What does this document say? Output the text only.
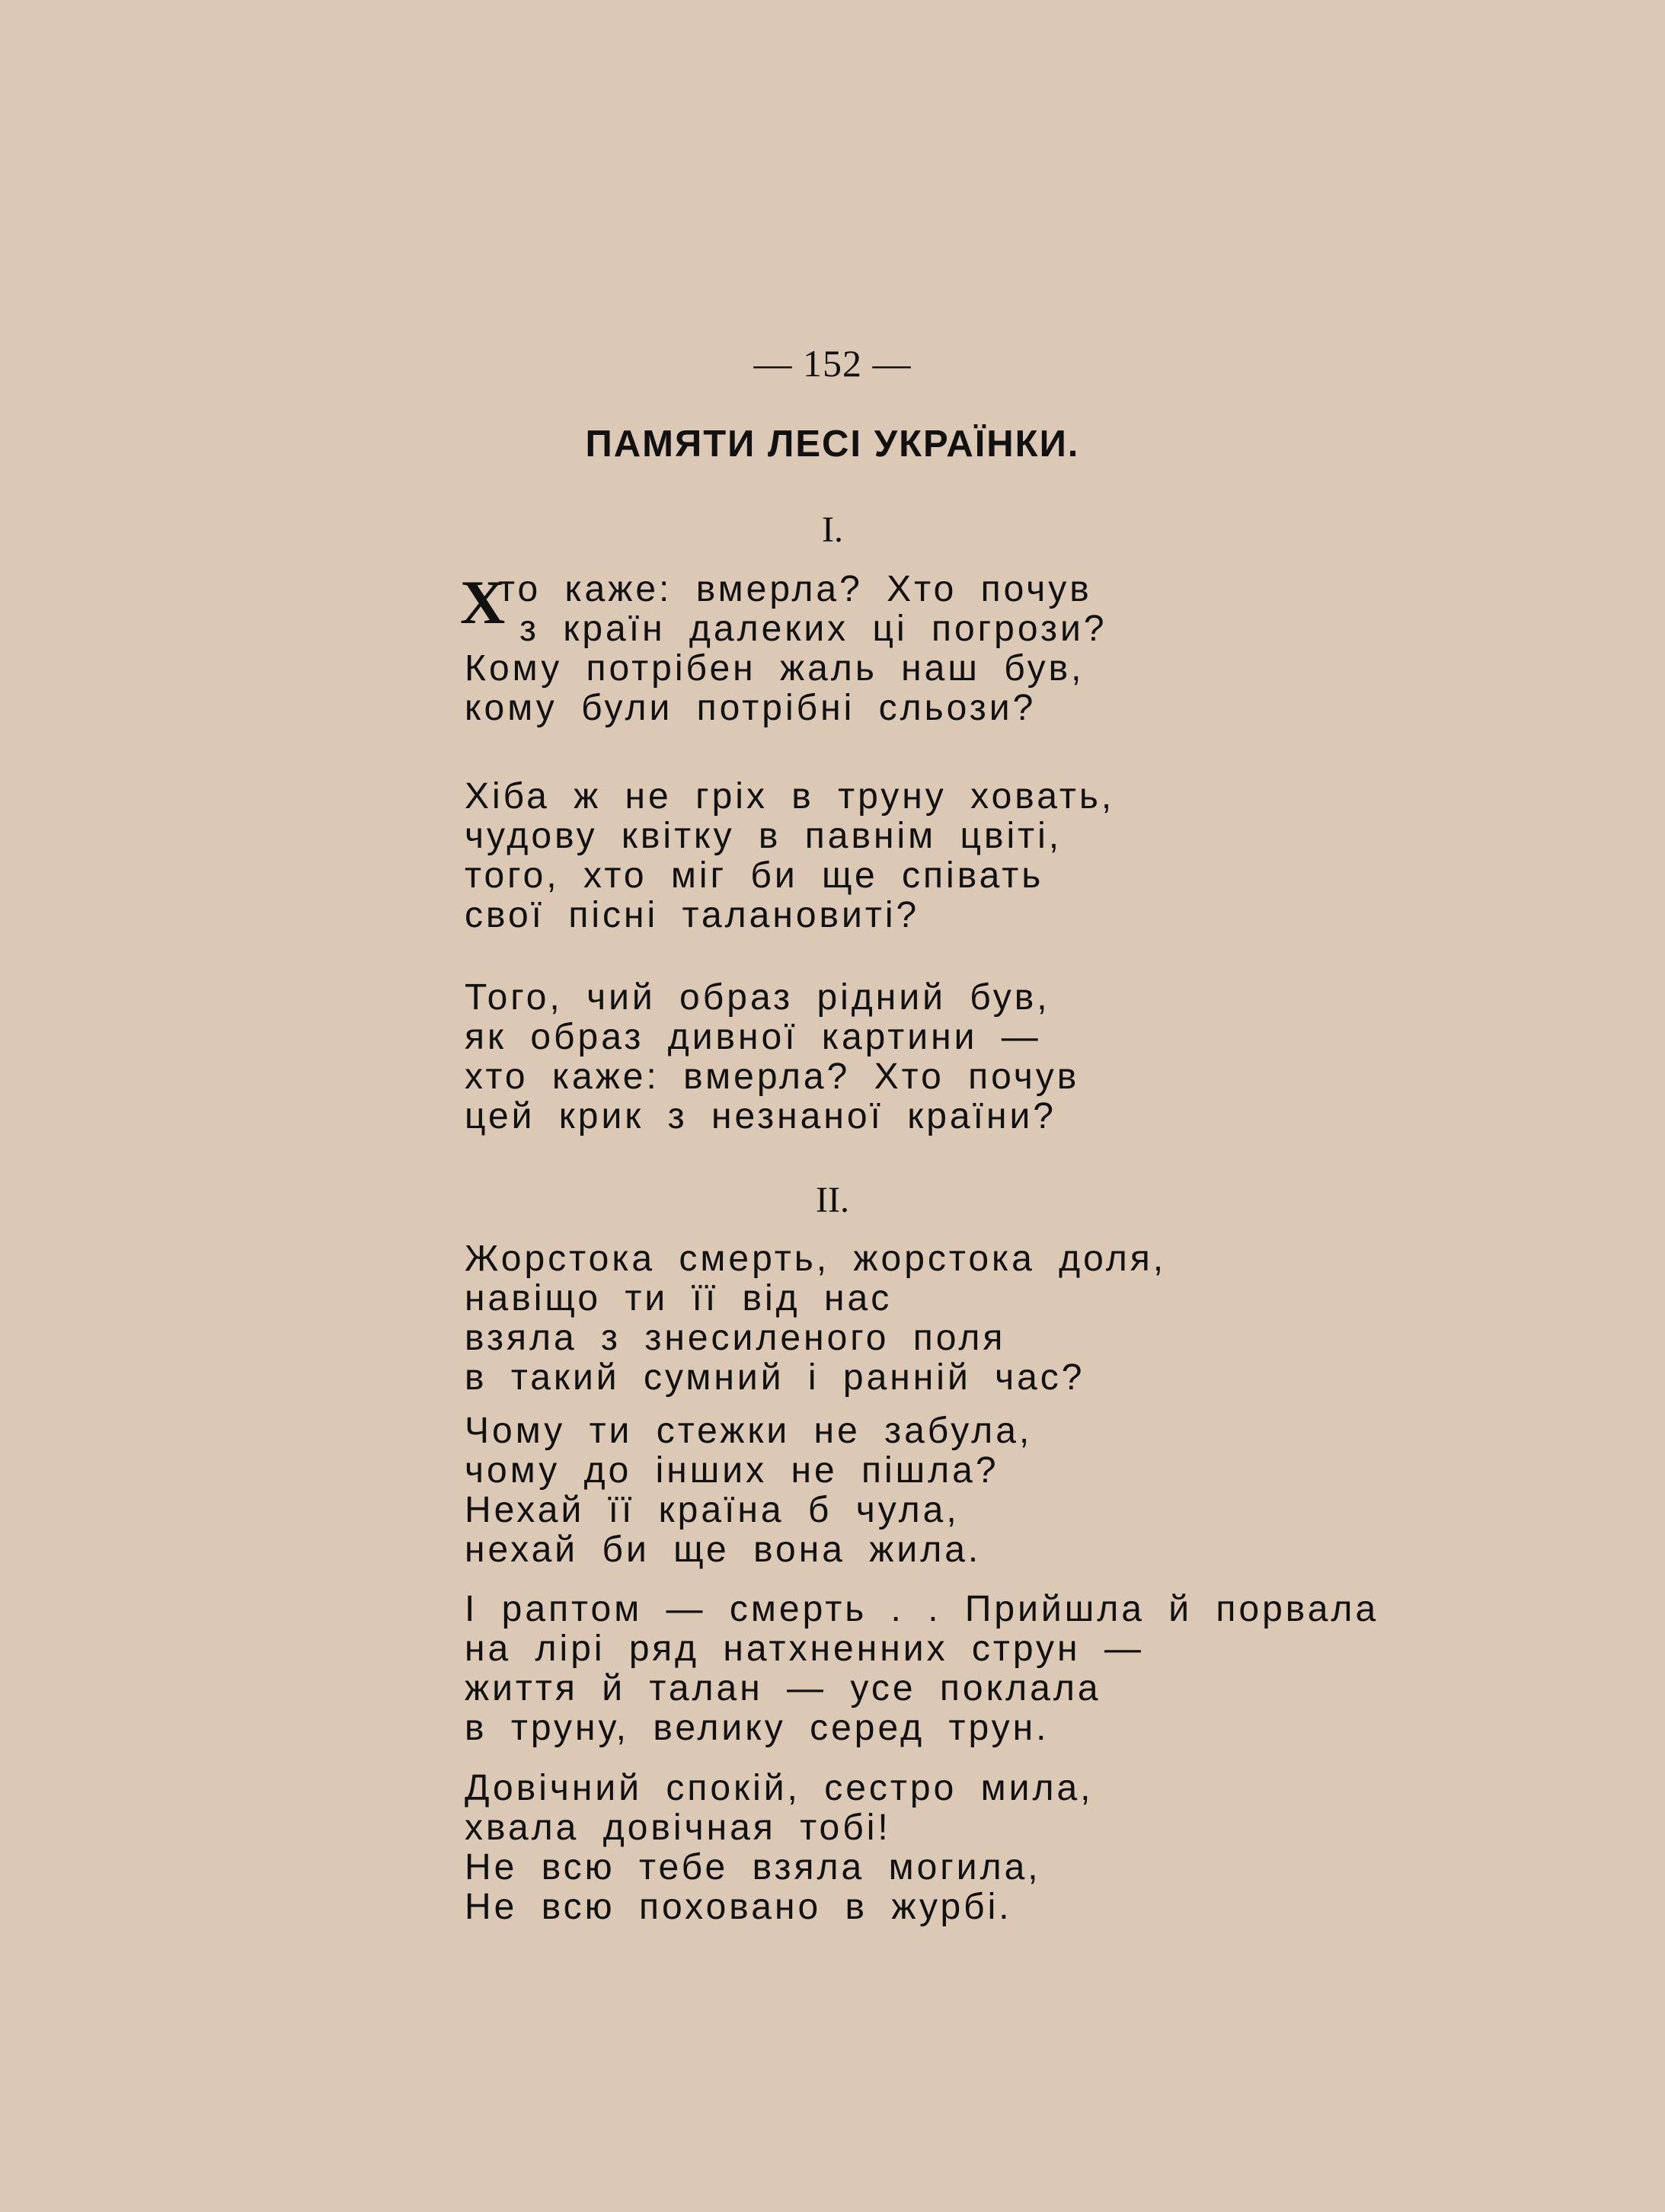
— 152 —
ПАМЯТИ ЛЕСІ УКРАЇНКИ.
I.
Х
то каже: вмерла? Хто почув
з країн далеких ці погрози?
Кому потрібен жаль наш був,
кому були потрібні сльози?
Хіба ж не гріх в труну ховать,
чудову квітку в павнім цвіті,
того, хто міг би ще співать
свої пісні талановиті?
Того, чий образ рідний був,
як образ дивної картини —
хто каже: вмерла? Хто почув
цей крик з незнаної країни?
II.
Жорстока смерть, жорстока доля,
навіщо ти її від нас
взяла з знесиленого поля
в такий сумний і ранній час?
Чому ти стежки не забула,
чому до інших не пішла?
Нехай її країна б чула,
нехай би ще вона жила.
І раптом — смерть . . Прийшла й порвала
на лірі ряд натхненних струн —
життя й талан — усе поклала
в труну, велику серед трун.
Довічний спокій, сестро мила,
хвала довічная тобі!
Не всю тебе взяла могила,
Не всю поховано в журбі.
